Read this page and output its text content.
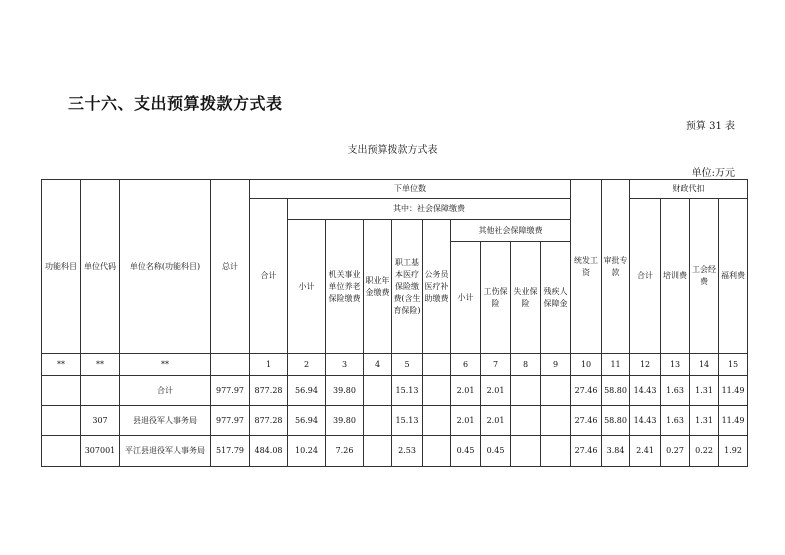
三十六、支出预算拨款方式表
预算 31 表
支出预算拨款方式表
单位:万元
功能科目	单位代码	单位名称(功能科目)	总计	下单位数										统发工资	审批专款	财政代扣			
				合计	其中：社会保障缴费											合计	培训费	工会经费	福利费
					小计	机关事业单位养老保险缴费	职业年金缴费	职工基本医疗保险缴费(含生育保险)	公务员医疗补助缴费	其他社会保障缴费									
										小计	工伤保险	失业保险	残疾人保障金						
**	**	**		1	2	3	4	5		6	7	8	9	10	11	12	13	14	15
		合计	977.97	877.28	56.94	39.80		15.13		2.01	2.01			27.46	58.80	14.43	1.63	1.31	11.49
	307	县退役军人事务局	977.97	877.28	56.94	39.80		15.13		2.01	2.01			27.46	58.80	14.43	1.63	1.31	11.49
	307001	平江县退役军人事务局	517.79	484.08	10.24	7.26		2.53		0.45	0.45			27.46	3.84	2.41	0.27	0.22	1.92
